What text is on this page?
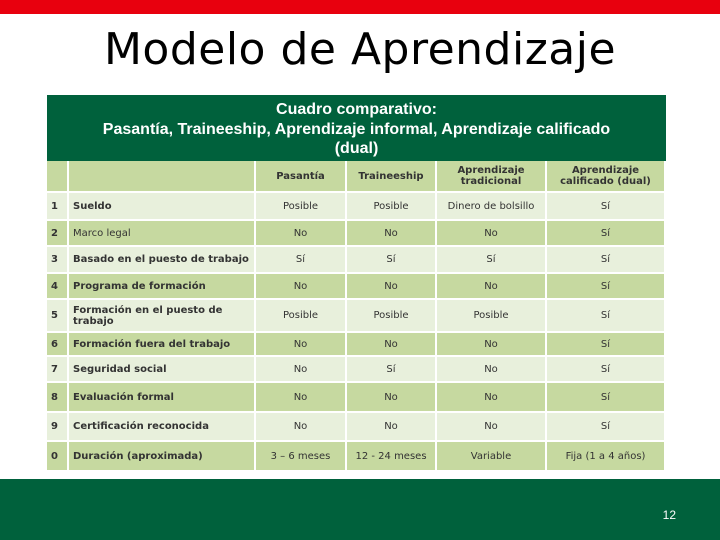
Modelo de Aprendizaje
Cuadro comparativo:
Pasantía, Traineeship, Aprendizaje informal, Aprendizaje calificado
(dual)
		Pasantía	Traineeship	Aprendizaje tradicional	Aprendizaje calificado (dual)
1	Sueldo	Posible	Posible	Dinero de bolsillo	Sí
2	Marco legal	No	No	No	Sí
3	Basado en el puesto de trabajo	Sí	Sí	Sí	Sí
4	Programa de formación	No	No	No	Sí
5	Formación en el puesto de trabajo	Posible	Posible	Posible	Sí
6	Formación fuera del trabajo	No	No	No	Sí
7	Seguridad social	No	Sí	No	Sí
8	Evaluación formal	No	No	No	Sí
9	Certificación reconocida	No	No	No	Sí
0	Duración (aproximada)	3 – 6 meses	12 - 24 meses	Variable	Fija (1 a 4 años)
12
